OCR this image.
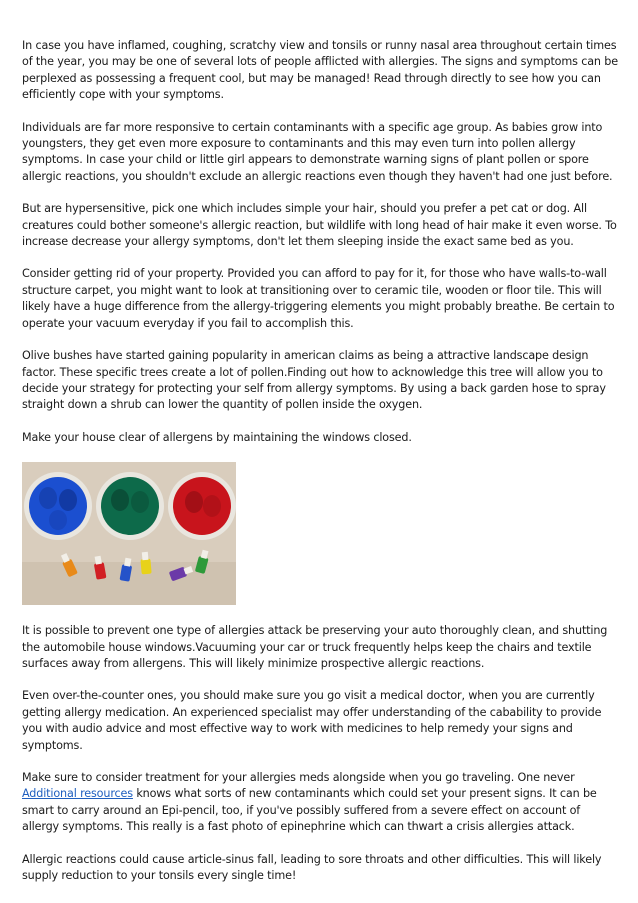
In case you have inflamed, coughing, scratchy view and tonsils or runny nasal area throughout certain times of the year, you may be one of several lots of people afflicted with allergies. The signs and symptoms can be perplexed as possessing a frequent cool, but may be managed! Read through directly to see how you can efficiently cope with your symptoms.

Individuals are far more responsive to certain contaminants with a specific age group. As babies grow into youngsters, they get even more exposure to contaminants and this may even turn into pollen allergy symptoms. In case your child or little girl appears to demonstrate warning signs of plant pollen or spore allergic reactions, you shouldn't exclude an allergic reactions even though they haven't had one just before.

But are hypersensitive, pick one which includes simple your hair, should you prefer a pet cat or dog. All creatures could bother someone's allergic reaction, but wildlife with long head of hair make it even worse. To increase decrease your allergy symptoms, don't let them sleeping inside the exact same bed as you.

Consider getting rid of your property. Provided you can afford to pay for it, for those who have walls-to-wall structure carpet, you might want to look at transitioning over to ceramic tile, wooden or floor tile. This will likely have a huge difference from the allergy-triggering elements you might probably breathe. Be certain to operate your vacuum everyday if you fail to accomplish this.

Olive bushes have started gaining popularity in american claims as being a attractive landscape design factor. These specific trees create a lot of pollen.Finding out how to acknowledge this tree will allow you to decide your strategy for protecting your self from allergy symptoms. By using a back garden hose to spray straight down a shrub can lower the quantity of pollen inside the oxygen.

Make your house clear of allergens by maintaining the windows closed.

It is possible to prevent one type of allergies attack be preserving your auto thoroughly clean, and shutting the automobile house windows.Vacuuming your car or truck frequently helps keep the chairs and textile surfaces away from allergens. This will likely minimize prospective allergic reactions.

Even over-the-counter ones, you should make sure you go visit a medical doctor, when you are currently getting allergy medication. An experienced specialist may offer understanding of the cabability to provide you with audio advice and most effective way to work with medicines to help remedy your signs and symptoms.

Make sure to consider treatment for your allergies meds alongside when you go traveling. One never Additional resources knows what sorts of new contaminants which could set your present signs. It can be smart to carry around an Epi-pencil, too, if you've possibly suffered from a severe effect on account of allergy symptoms. This really is a fast photo of epinephrine which can thwart a crisis allergies attack.

Allergic reactions could cause article-sinus fall, leading to sore throats and other difficulties. This will likely supply reduction to your tonsils every single time!
